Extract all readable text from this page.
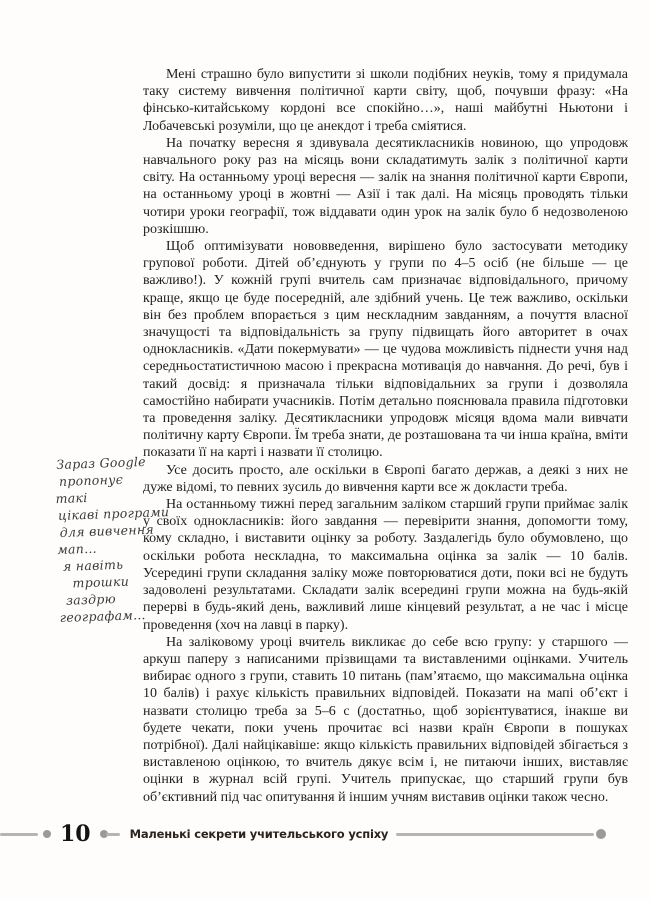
Зараз Google
пропонує
такі
цікаві програми
для вивчення
мап…
я навіть
трошки
заздрю
географам…

Мені страшно було випустити зі школи подібних неуків, тому я придумала таку систему вивчення політичної карти світу, щоб, почувши фразу: «На фінсько-китайському кордоні все спокійно…», наші майбутні Ньютони і Лобачевські розуміли, що це анекдот і треба сміятися.

На початку вересня я здивувала десятикласників новиною, що упродовж навчального року раз на місяць вони складатимуть залік з політичної карти світу. На останньому уроці вересня — залік на знання політичної карти Європи, на останньому уроці в жовтні — Азії і так далі. На місяць проводять тільки чотири уроки географії, тож віддавати один урок на залік було б недозволеною розкішшю.

Щоб оптимізувати нововведення, вирішено було застосувати методику групової роботи. Дітей об’єднують у групи по 4–5 осіб (не більше — це важливо!). У кожній групі вчитель сам призначає відповідального, причому краще, якщо це буде посередній, але здібний учень. Це теж важливо, оскільки він без проблем впорається з цим нескладним завданням, а почуття власної значущості та відповідальність за групу підвищать його авторитет в очах однокласників. «Дати покермувати» — це чудова можливість піднести учня над середньостатистичною масою і прекрасна мотивація до навчання. До речі, був і такий досвід: я призначала тільки відповідальних за групи і дозволяла самостійно набирати учасників. Потім детально пояснювала правила підготовки та проведення заліку. Десятикласники упродовж місяця вдома мали вивчати політичну карту Європи. Їм треба знати, де розташована та чи інша країна, вміти показати її на карті і назвати її столицю.

Усе досить просто, але оскільки в Європі багато держав, а деякі з них не дуже відомі, то певних зусиль до вивчення карти все ж докласти треба.

На останньому тижні перед загальним заліком старший групи приймає залік у своїх однокласників: його завдання — перевірити знання, допомогти тому, кому складно, і виставити оцінку за роботу. Заздалегідь було обумовлено, що оскільки робота нескладна, то максимальна оцінка за залік — 10 балів. Усередині групи складання заліку може повторюватися доти, поки всі не будуть задоволені результатами. Складати залік всередині групи можна на будь-якій перерві в будь-який день, важливий лише кінцевий результат, а не час і місце проведення (хоч на лавці в парку).

На заліковому уроці вчитель викликає до себе всю групу: у старшого — аркуш паперу з написаними прізвищами та виставленими оцінками. Учитель вибирає одного з групи, ставить 10 питань (пам’ятаємо, що максимальна оцінка 10 балів) і рахує кількість правильних відповідей. Показати на мапі об’єкт і назвати столицю треба за 5–6 с (достатньо, щоб зорієнтуватися, інакше ви будете чекати, поки учень прочитає всі назви країн Європи в пошуках потрібної). Далі найцікавіше: якщо кількість правильних відповідей збігається з виставленою оцінкою, то вчитель дякує всім і, не питаючи інших, виставляє оцінки в журнал всій групі. Учитель припускає, що старший групи був об’єктивний під час опитування й іншим учням виставив оцінки також чесно.

10	Маленькі секрети учительського успіху
